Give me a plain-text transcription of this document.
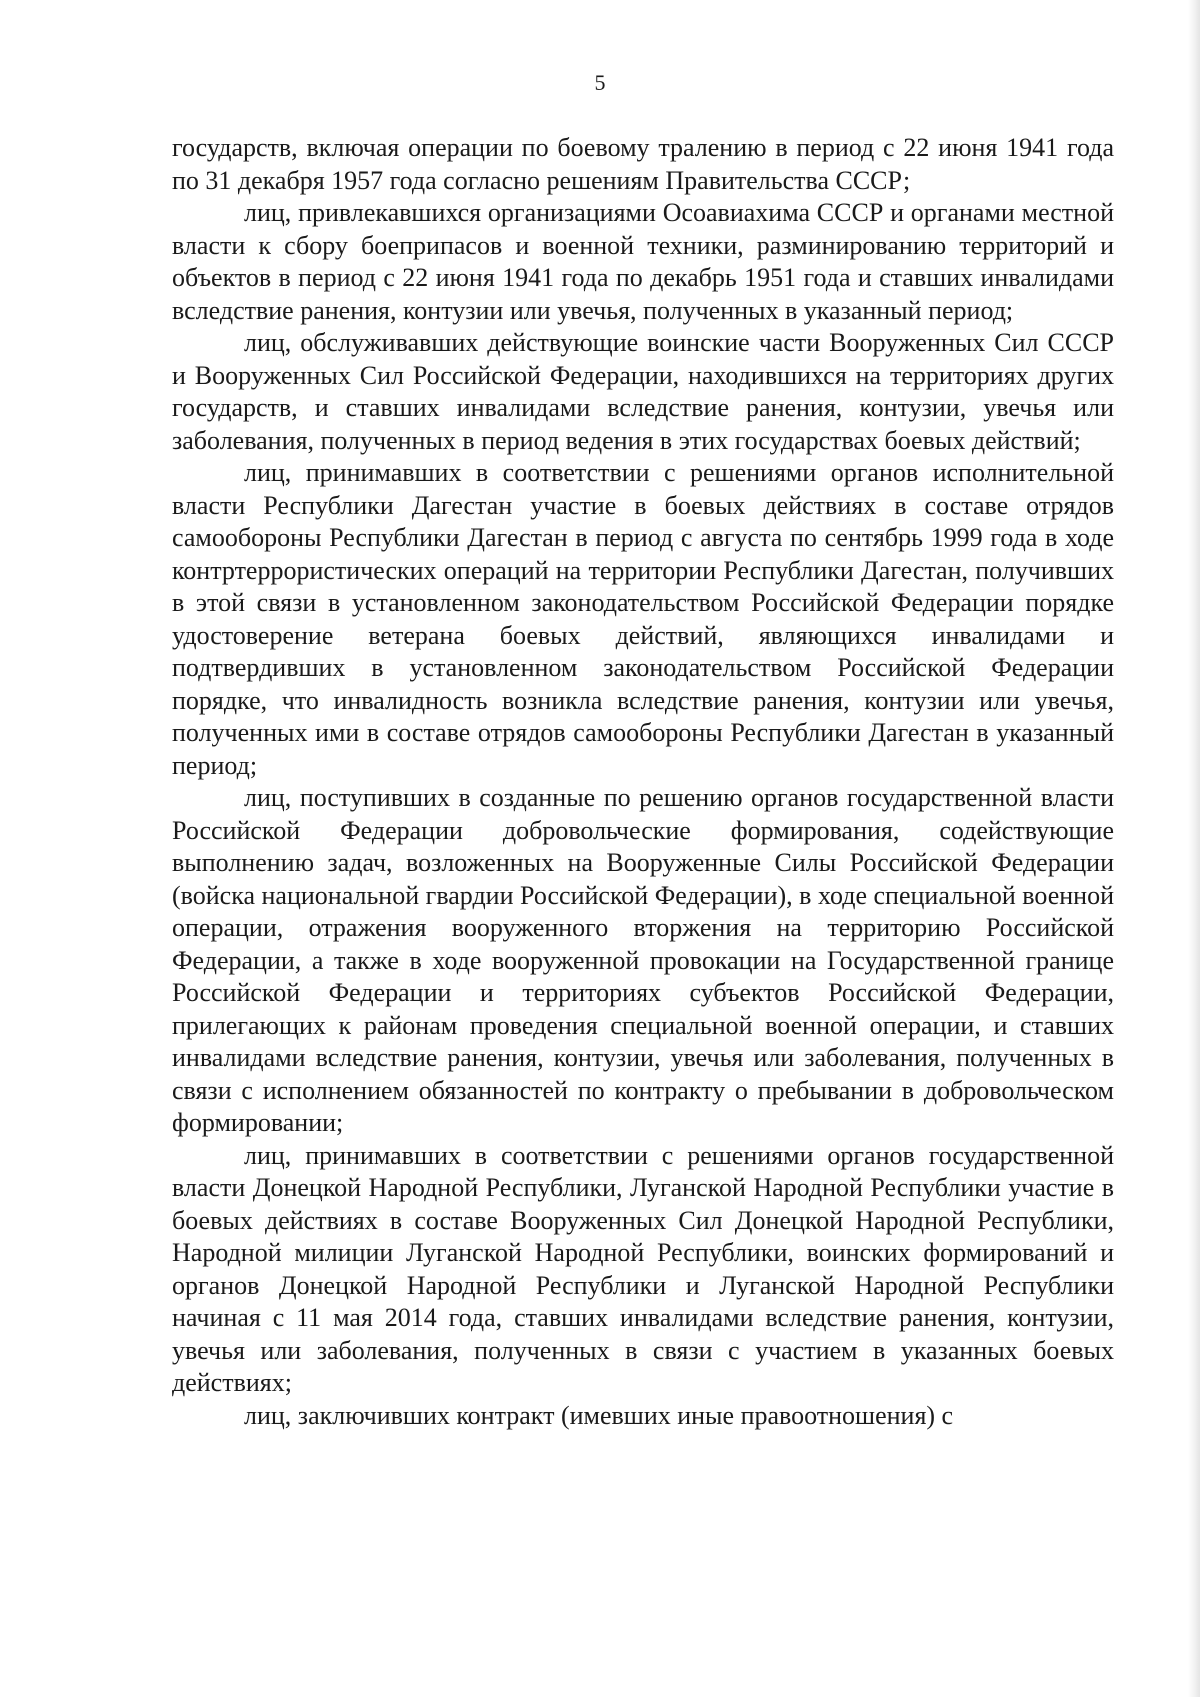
5

государств, включая операции по боевому тралению в период с 22 июня 1941 года по 31 декабря 1957 года согласно решениям Правительства СССР;

лиц, привлекавшихся организациями Осоавиахима СССР и органами местной власти к сбору боеприпасов и военной техники, разминированию территорий и объектов в период с 22 июня 1941 года по декабрь 1951 года и ставших инвалидами вследствие ранения, контузии или увечья, полученных в указанный период;

лиц, обслуживавших действующие воинские части Вооруженных Сил СССР и Вооруженных Сил Российской Федерации, находившихся на территориях других государств, и ставших инвалидами вследствие ранения, контузии, увечья или заболевания, полученных в период ведения в этих государствах боевых действий;

лиц, принимавших в соответствии с решениями органов исполнительной власти Республики Дагестан участие в боевых действиях в составе отрядов самообороны Республики Дагестан в период с августа по сентябрь 1999 года в ходе контртеррористических операций на территории Республики Дагестан, получивших в этой связи в установленном законодательством Российской Федерации порядке удостоверение ветерана боевых действий, являющихся инвалидами и подтвердивших в установленном законодательством Российской Федерации порядке, что инвалидность возникла вследствие ранения, контузии или увечья, полученных ими в составе отрядов самообороны Республики Дагестан в указанный период;

лиц, поступивших в созданные по решению органов государственной власти Российской Федерации добровольческие формирования, содействующие выполнению задач, возложенных на Вооруженные Силы Российской Федерации (войска национальной гвардии Российской Федерации), в ходе специальной военной операции, отражения вооруженного вторжения на территорию Российской Федерации, а также в ходе вооруженной провокации на Государственной границе Российской Федерации и территориях субъектов Российской Федерации, прилегающих к районам проведения специальной военной операции, и ставших инвалидами вследствие ранения, контузии, увечья или заболевания, полученных в связи с исполнением обязанностей по контракту о пребывании в добровольческом формировании;

лиц, принимавших в соответствии с решениями органов государственной власти Донецкой Народной Республики, Луганской Народной Республики участие в боевых действиях в составе Вооруженных Сил Донецкой Народной Республики, Народной милиции Луганской Народной Республики, воинских формирований и органов Донецкой Народной Республики и Луганской Народной Республики начиная с 11 мая 2014 года, ставших инвалидами вследствие ранения, контузии, увечья или заболевания, полученных в связи с участием в указанных боевых действиях;

лиц, заключивших контракт (имевших иные правоотношения) с
